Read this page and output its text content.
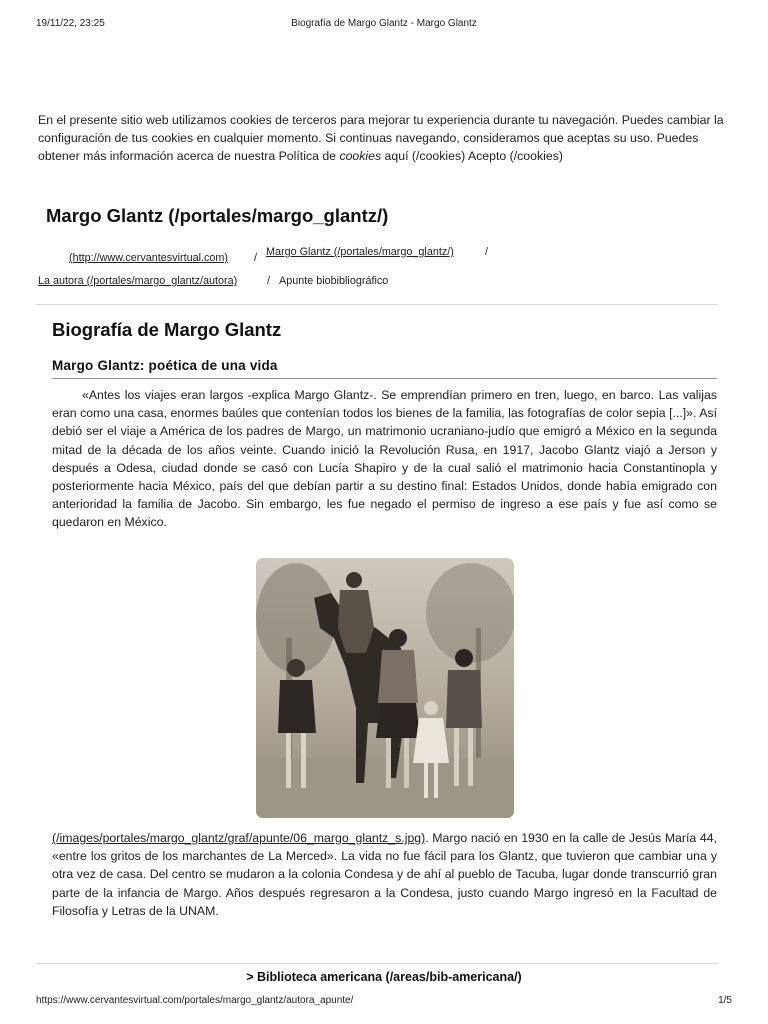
19/11/22, 23:25	Biografía de Margo Glantz - Margo Glantz
En el presente sitio web utilizamos cookies de terceros para mejorar tu experiencia durante tu navegación. Puedes cambiar la configuración de tus cookies en cualquier momento. Si continuas navegando, consideramos que aceptas su uso. Puedes obtener más información acerca de nuestra Política de cookies aquí (/cookies) Acepto (/cookies)
Margo Glantz (/portales/margo_glantz/)
(http://www.cervantesvirtual.com) / Margo Glantz (/portales/margo_glantz/)	/
La autora (/portales/margo_glantz/autora)	/ Apunte biobibliográfico
Biografía de Margo Glantz
Margo Glantz: poética de una vida

«Antes los viajes eran largos -explica Margo Glantz-. Se emprendían primero en tren, luego, en barco. Las valijas eran como una casa, enormes baúles que contenían todos los bienes de la familia, las fotografías de color sepia [...]». Así debió ser el viaje a América de los padres de Margo, un matrimonio ucraniano-judío que emigró a México en la segunda mitad de la década de los años veinte. Cuando inició la Revolución Rusa, en 1917, Jacobo Glantz viajó a Jerson y después a Odesa, ciudad donde se casó con Lucía Shapiro y de la cual salió el matrimonio hacia Constantinopla y posteriormente hacia México, país del que debían partir a su destino final: Estados Unidos, donde había emigrado con anterioridad la familia de Jacobo. Sin embargo, les fue negado el permiso de ingreso a ese país y fue así como se quedaron en México.

(/images/portales/margo_glantz/graf/apunte/06_margo_glantz_s.jpg). Margo nació en 1930 en la calle de Jesús María 44, «entre los gritos de los marchantes de La Merced». La vida no fue fácil para los Glantz, que tuvieron que cambiar una y otra vez de casa. Del centro se mudaron a la colonia Condesa y de ahí al pueblo de Tacuba, lugar donde transcurrió gran parte de la infancia de Margo. Años después regresaron a la Condesa, justo cuando Margo ingresó en la Facultad de Filosofía y Letras de la UNAM.

> Biblioteca americana (/areas/bib-americana/)
https://www.cervantesvirtual.com/portales/margo_glantz/autora_apunte/	1/5
